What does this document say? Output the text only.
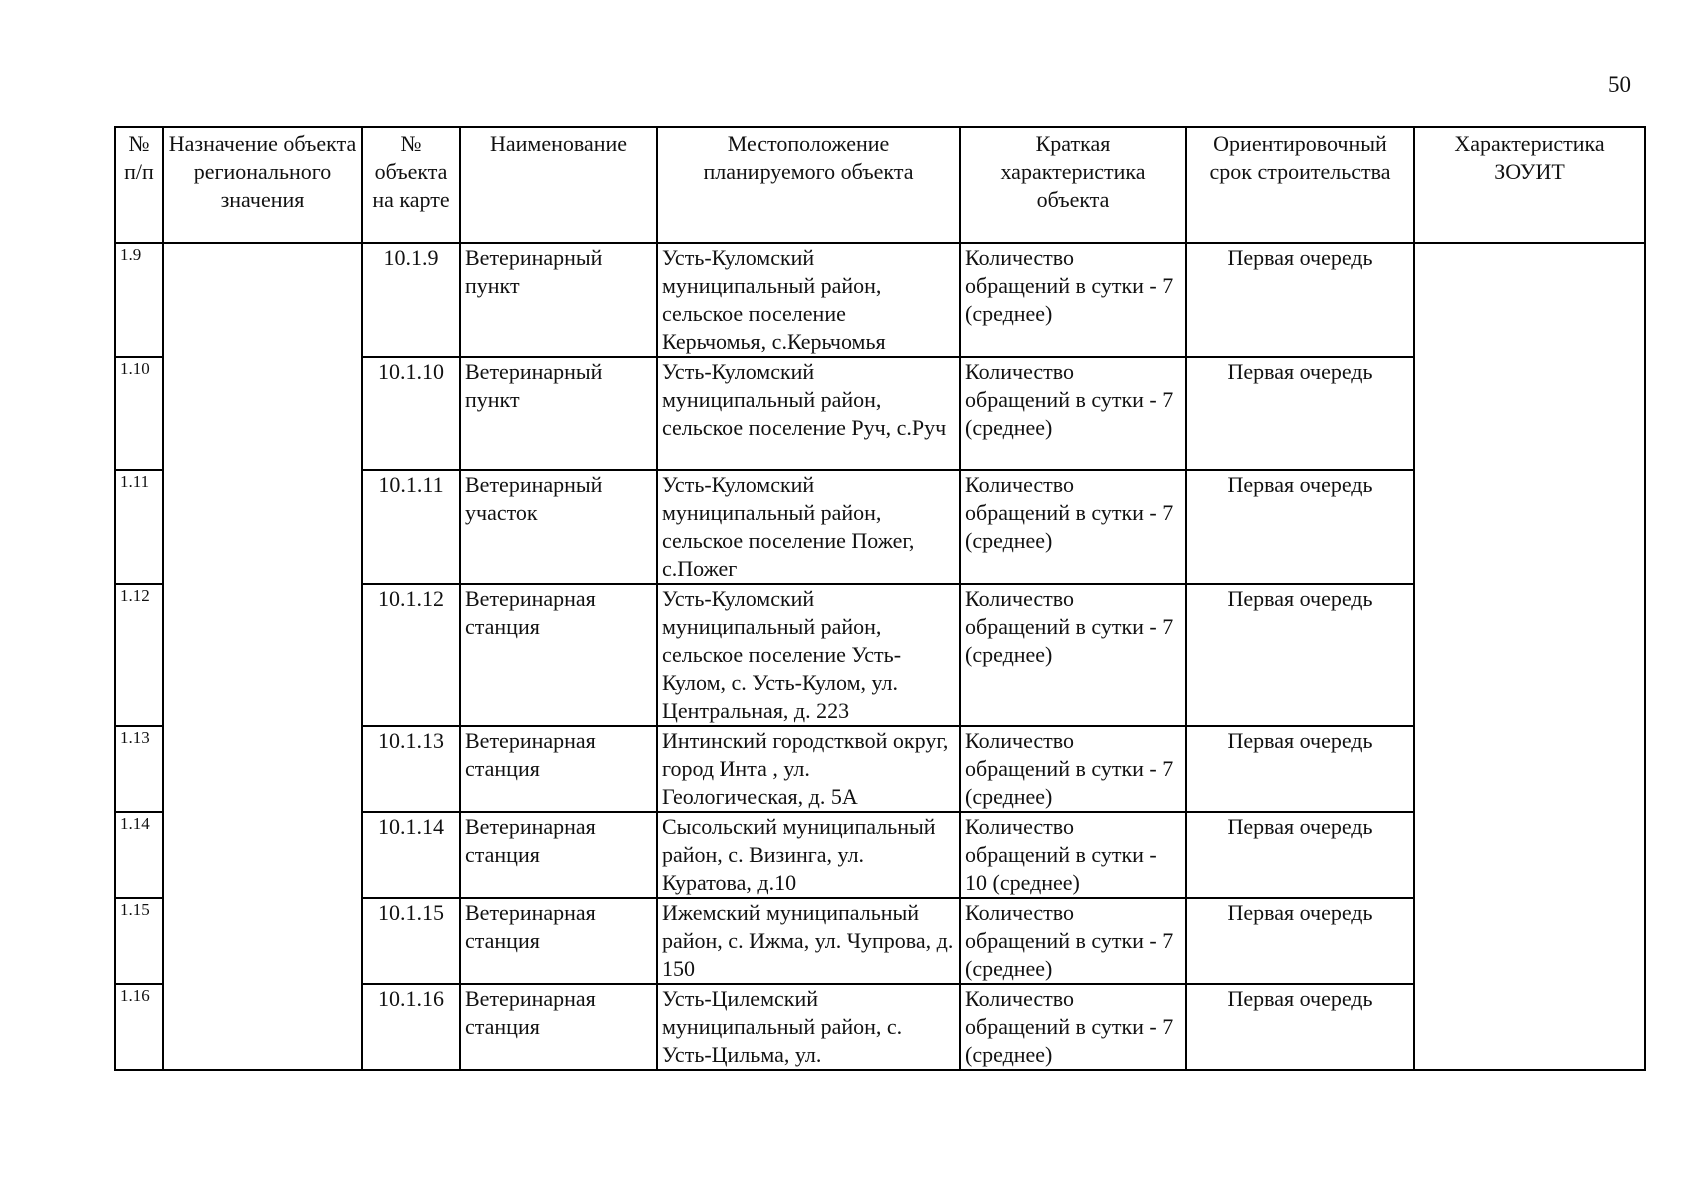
50
№ п/п	Назначение объекта регионального значения	№ объекта на карте	Наименование	Местоположение планируемого объекта	Краткая характеристика объекта	Ориентировочный срок строительства	Характеристика ЗОУИТ
1.9		10.1.9	Ветеринарный пункт	Усть-Куломский муниципальный район, сельское поселение Керьчомья, с.Керьчомья	Количество обращений в сутки - 7 (среднее)	Первая очередь	
1.10		10.1.10	Ветеринарный пункт	Усть-Куломский муниципальный район, сельское поселение Руч, с.Руч	Количество обращений в сутки - 7 (среднее)	Первая очередь	
1.11		10.1.11	Ветеринарный участок	Усть-Куломский муниципальный район, сельское поселение Пожег, с.Пожег	Количество обращений в сутки - 7 (среднее)	Первая очередь	
1.12		10.1.12	Ветеринарная станция	Усть-Куломский муниципальный район, сельское поселение Усть-Кулом, с. Усть-Кулом, ул. Центральная, д. 223	Количество обращений в сутки - 7 (среднее)	Первая очередь	
1.13		10.1.13	Ветеринарная станция	Интинский городстквой округ, город Инта , ул. Геологическая, д. 5А	Количество обращений в сутки - 7 (среднее)	Первая очередь	
1.14		10.1.14	Ветеринарная станция	Сысольский муниципальный район, с. Визинга, ул. Куратова, д.10	Количество обращений в сутки - 10 (среднее)	Первая очередь	
1.15		10.1.15	Ветеринарная станция	Ижемский муниципальный район, с. Ижма, ул. Чупрова, д. 150	Количество обращений в сутки - 7 (среднее)	Первая очередь	
1.16		10.1.16	Ветеринарная станция	Усть-Цилемский муниципальный район, с. Усть-Цильма, ул.	Количество обращений в сутки - 7 (среднее)	Первая очередь	
